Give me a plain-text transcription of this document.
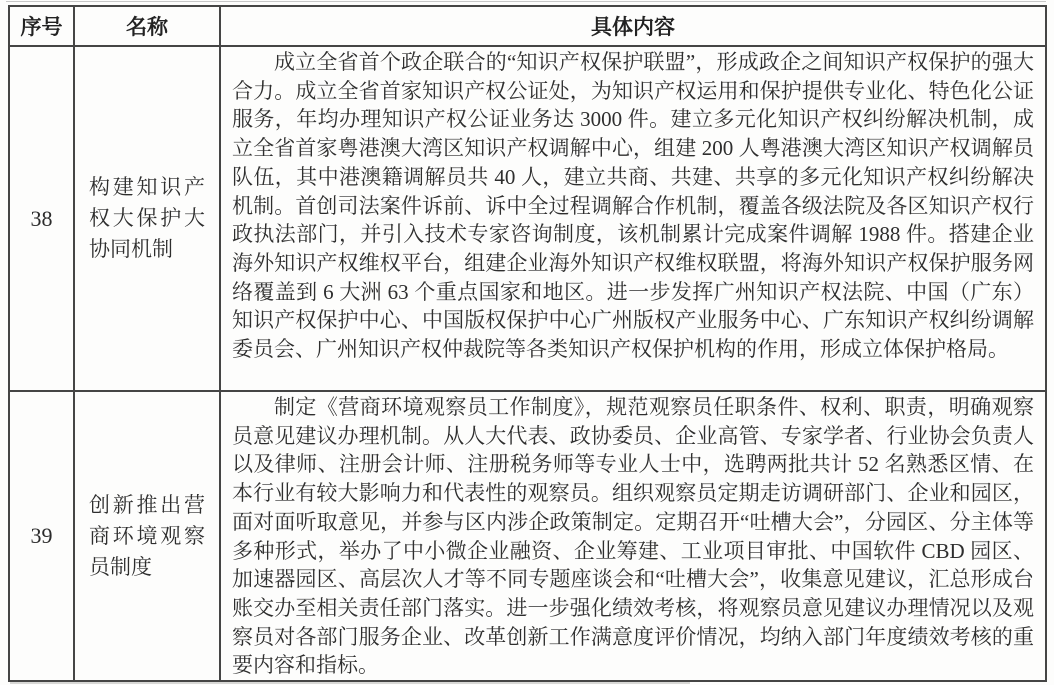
序号	名称	具体内容
38	构建知识产权大保护大协同机制	成立全省首个政企联合的“知识产权保护联盟”，形成政企之间知识产权保护的强大合力。成立全省首家知识产权公证处，为知识产权运用和保护提供专业化、特色化公证服务，年均办理知识产权公证业务达 3000 件。建立多元化知识产权纠纷解决机制，成立全省首家粤港澳大湾区知识产权调解中心，组建 200 人粤港澳大湾区知识产权调解员队伍，其中港澳籍调解员共 40 人，建立共商、共建、共享的多元化知识产权纠纷解决机制。首创司法案件诉前、诉中全过程调解合作机制，覆盖各级法院及各区知识产权行政执法部门，并引入技术专家咨询制度，该机制累计完成案件调解 1988 件。搭建企业海外知识产权维权平台，组建企业海外知识产权维权联盟，将海外知识产权保护服务网络覆盖到 6 大洲 63 个重点国家和地区。进一步发挥广州知识产权法院、中国（广东）知识产权保护中心、中国版权保护中心广州版权产业服务中心、广东知识产权纠纷调解委员会、广州知识产权仲裁院等各类知识产权保护机构的作用，形成立体保护格局。

39	创新推出营商环境观察员制度	制定《营商环境观察员工作制度》，规范观察员任职条件、权利、职责，明确观察员意见建议办理机制。从人大代表、政协委员、企业高管、专家学者、行业协会负责人以及律师、注册会计师、注册税务师等专业人士中，选聘两批共计 52 名熟悉区情、在本行业有较大影响力和代表性的观察员。组织观察员定期走访调研部门、企业和园区，面对面听取意见，并参与区内涉企政策制定。定期召开“吐槽大会”，分园区、分主体等多种形式，举办了中小微企业融资、企业筹建、工业项目审批、中国软件 CBD 园区、加速器园区、高层次人才等不同专题座谈会和“吐槽大会”，收集意见建议，汇总形成台账交办至相关责任部门落实。进一步强化绩效考核，将观察员意见建议办理情况以及观察员对各部门服务企业、改革创新工作满意度评价情况，均纳入部门年度绩效考核的重要内容和指标。
